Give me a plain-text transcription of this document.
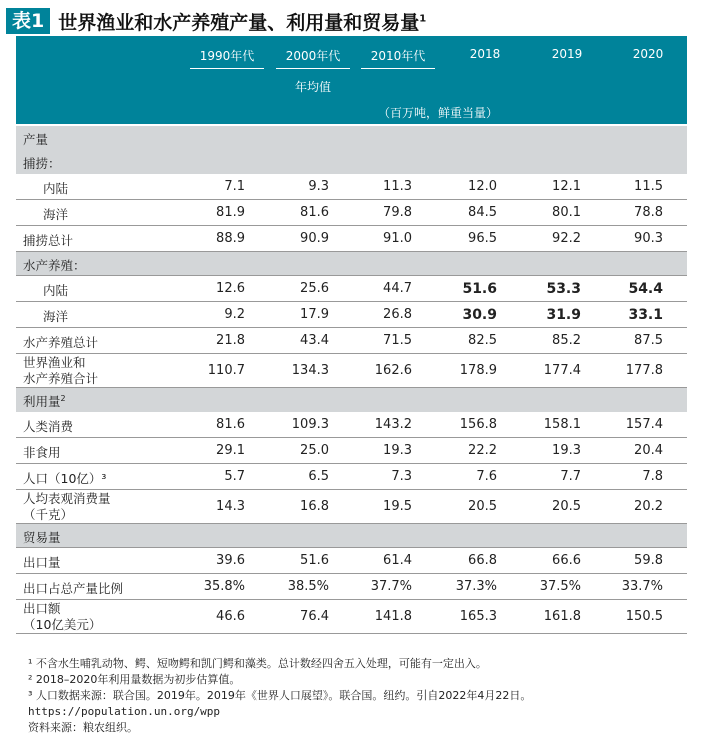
表1 世界渔业和水产养殖产量、利用量和贸易量$^1$
1990年代	2000年代	2010年代	2018	2019	2020
年均值
（百万吨，鲜重当量）
产量
捕捞：
内陆	7.1	9.3	11.3	12.0	12.1	11.5
海洋	81.9	81.6	79.8	84.5	80.1	78.8
捕捞总计	88.9	90.9	91.0	96.5	92.2	90.3
水产养殖：
内陆	12.6	25.6	44.7	51.6	53.3	54.4
海洋	9.2	17.9	26.8	30.9	31.9	33.1
水产养殖总计	21.8	43.4	71.5	82.5	85.2	87.5
世界渔业和
水产养殖合计
110.7	134.3	162.6	178.9	177.4	177.8
利用量$^2$
人类消费	81.6	109.3	143.2	156.8	158.1	157.4
非食用	29.1	25.0	19.3	22.2	19.3	20.4
人口（10亿）³	5.7	6.5	7.3	7.6	7.7	7.8
人均表观消费量
（千克）
14.3	16.8	19.5	20.5	20.5	20.2
贸易量
出口量	39.6	51.6	61.4	66.8	66.6	59.8
出口占总产量比例	35.8%	38.5%	37.7%	37.3%	37.5%	33.7%
出口额
（10亿美元）
46.6	76.4	141.8	165.3	161.8	150.5
¹ 不含水生哺乳动物、鳄、短吻鳄和凯门鳄和藻类。总计数经四舍五入处理，可能有一定出入。
² 2018–2020年利用量数据为初步估算值。
³ 人口数据来源：联合国。2019年。2019年《世界人口展望》。联合国。纽约。引自2022年4月22日。
https://population.un.org/wpp
资料来源：粮农组织。
